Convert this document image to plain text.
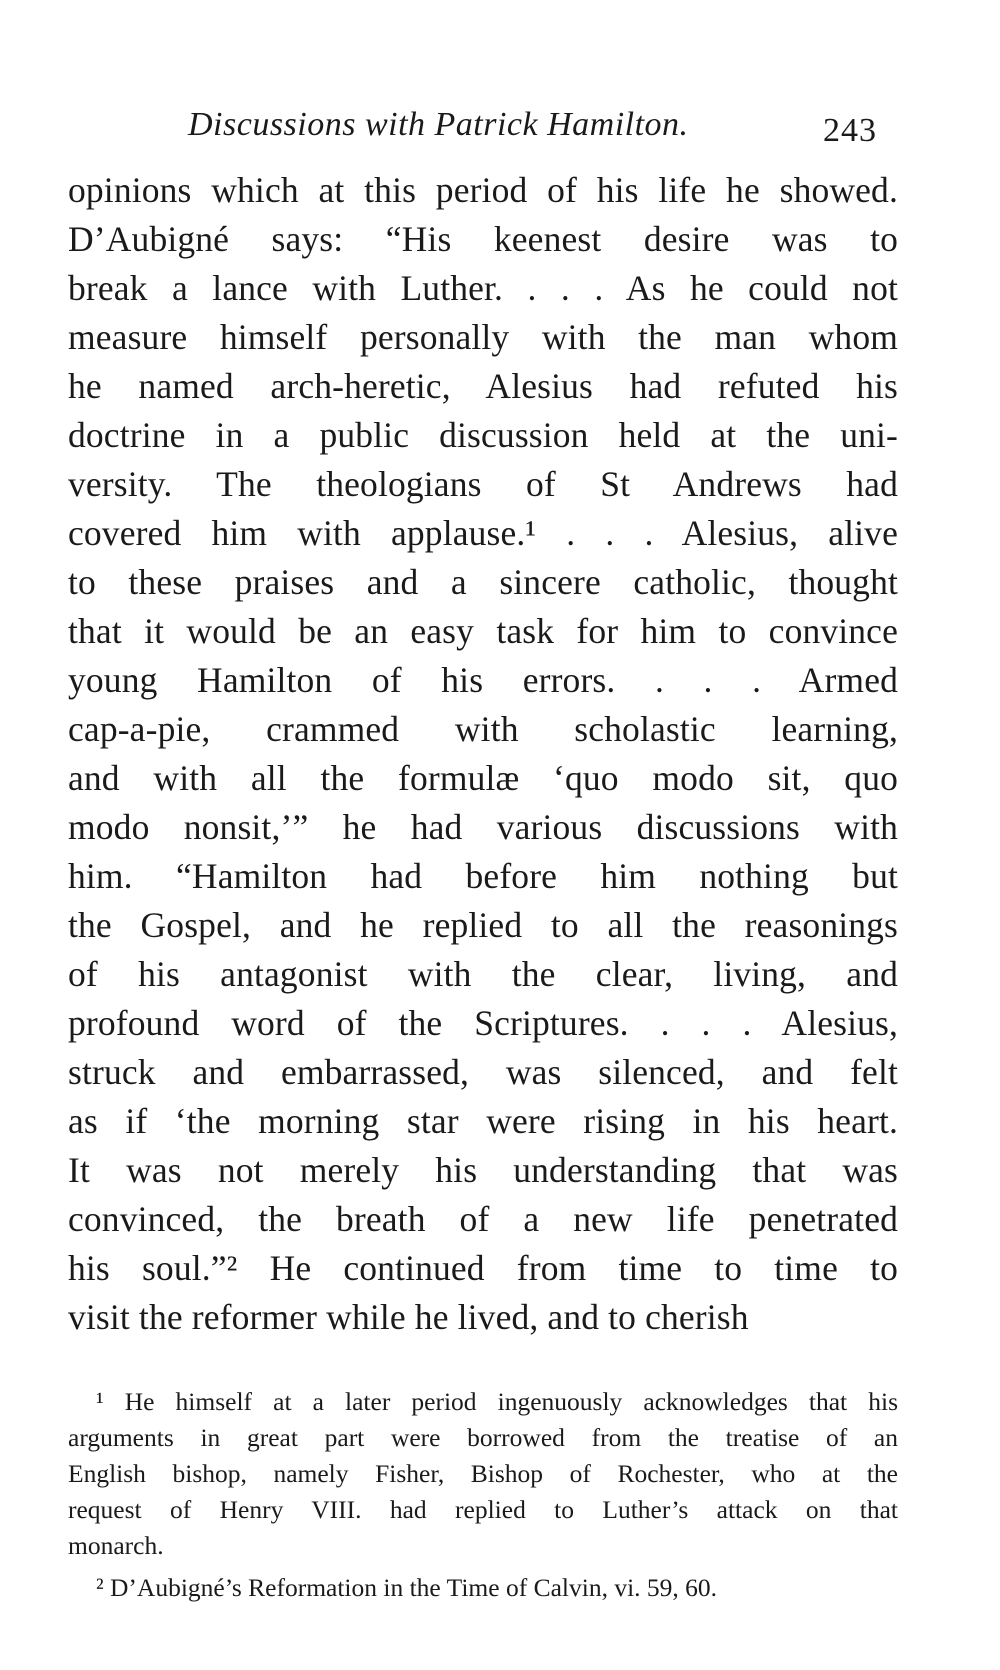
Discussions with Patrick Hamilton.	243
opinions which at this period of his life he showed.
D’Aubigné says: “His keenest desire was to
break a lance with Luther. . . . As he could not
measure himself personally with the man whom
he named arch-heretic, Alesius had refuted his
doctrine in a public discussion held at the uni-
versity. The theologians of St Andrews had
covered him with applause.¹ . . . Alesius, alive
to these praises and a sincere catholic, thought
that it would be an easy task for him to convince
young Hamilton of his errors. . . . Armed
cap-a-pie, crammed with scholastic learning,
and with all the formulæ ‘quo modo sit, quo
modo nonsit,’” he had various discussions with
him. “Hamilton had before him nothing but
the Gospel, and he replied to all the reasonings
of his antagonist with the clear, living, and
profound word of the Scriptures. . . . Alesius,
struck and embarrassed, was silenced, and felt
as if ‘the morning star were rising in his heart.
It was not merely his understanding that was
convinced, the breath of a new life penetrated
his soul.”² He continued from time to time to
visit the reformer while he lived, and to cherish
¹ He himself at a later period ingenuously acknowledges that his
arguments in great part were borrowed from the treatise of an
English bishop, namely Fisher, Bishop of Rochester, who at the
request of Henry VIII. had replied to Luther’s attack on that
monarch.
² D’Aubigné’s Reformation in the Time of Calvin, vi. 59, 60.
